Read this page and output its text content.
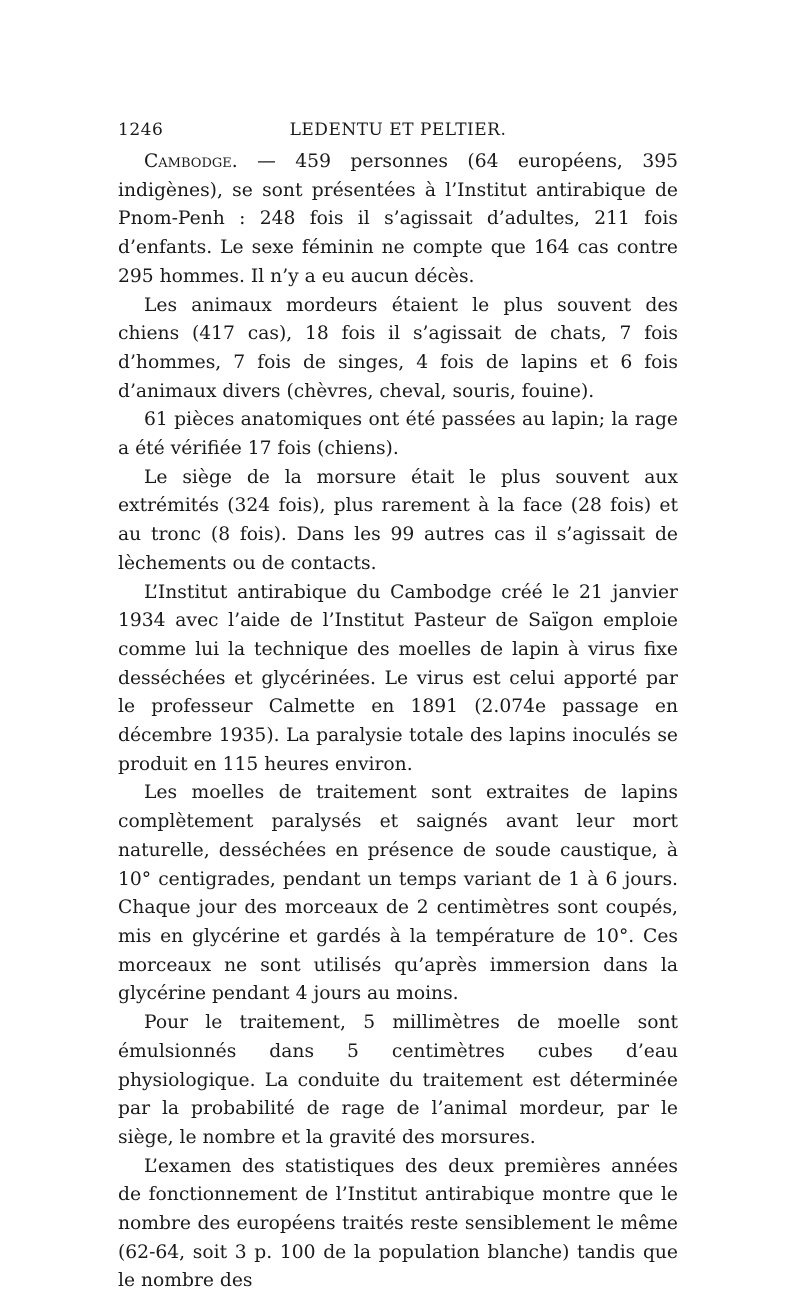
1246	LEDENTU ET PELTIER.

Cambodge. — 459 personnes (64 européens, 395 indigènes), se sont présentées à l’Institut antirabique de Pnom-Penh : 248 fois il s’agissait d’adultes, 211 fois d’enfants. Le sexe féminin ne compte que 164 cas contre 295 hommes. Il n’y a eu aucun décès.

Les animaux mordeurs étaient le plus souvent des chiens (417 cas), 18 fois il s’agissait de chats, 7 fois d’hommes, 7 fois de singes, 4 fois de lapins et 6 fois d’animaux divers (chèvres, cheval, souris, fouine).

61 pièces anatomiques ont été passées au lapin; la rage a été vérifiée 17 fois (chiens).

Le siège de la morsure était le plus souvent aux extrémités (324 fois), plus rarement à la face (28 fois) et au tronc (8 fois). Dans les 99 autres cas il s’agissait de lèchements ou de contacts.

L’Institut antirabique du Cambodge créé le 21 janvier 1934 avec l’aide de l’Institut Pasteur de Saïgon emploie comme lui la technique des moelles de lapin à virus fixe desséchées et glycérinées. Le virus est celui apporté par le professeur Calmette en 1891 (2.074e passage en décembre 1935). La paralysie totale des lapins inoculés se produit en 115 heures environ.

Les moelles de traitement sont extraites de lapins complètement paralysés et saignés avant leur mort naturelle, desséchées en présence de soude caustique, à 10° centigrades, pendant un temps variant de 1 à 6 jours. Chaque jour des morceaux de 2 centimètres sont coupés, mis en glycérine et gardés à la température de 10°. Ces morceaux ne sont utilisés qu’après immersion dans la glycérine pendant 4 jours au moins.

Pour le traitement, 5 millimètres de moelle sont émulsionnés dans 5 centimètres cubes d’eau physiologique. La conduite du traitement est déterminée par la probabilité de rage de l’animal mordeur, par le siège, le nombre et la gravité des morsures.

L’examen des statistiques des deux premières années de fonctionnement de l’Institut antirabique montre que le nombre des européens traités reste sensiblement le même (62-64, soit 3 p. 100 de la population blanche) tandis que le nombre des
